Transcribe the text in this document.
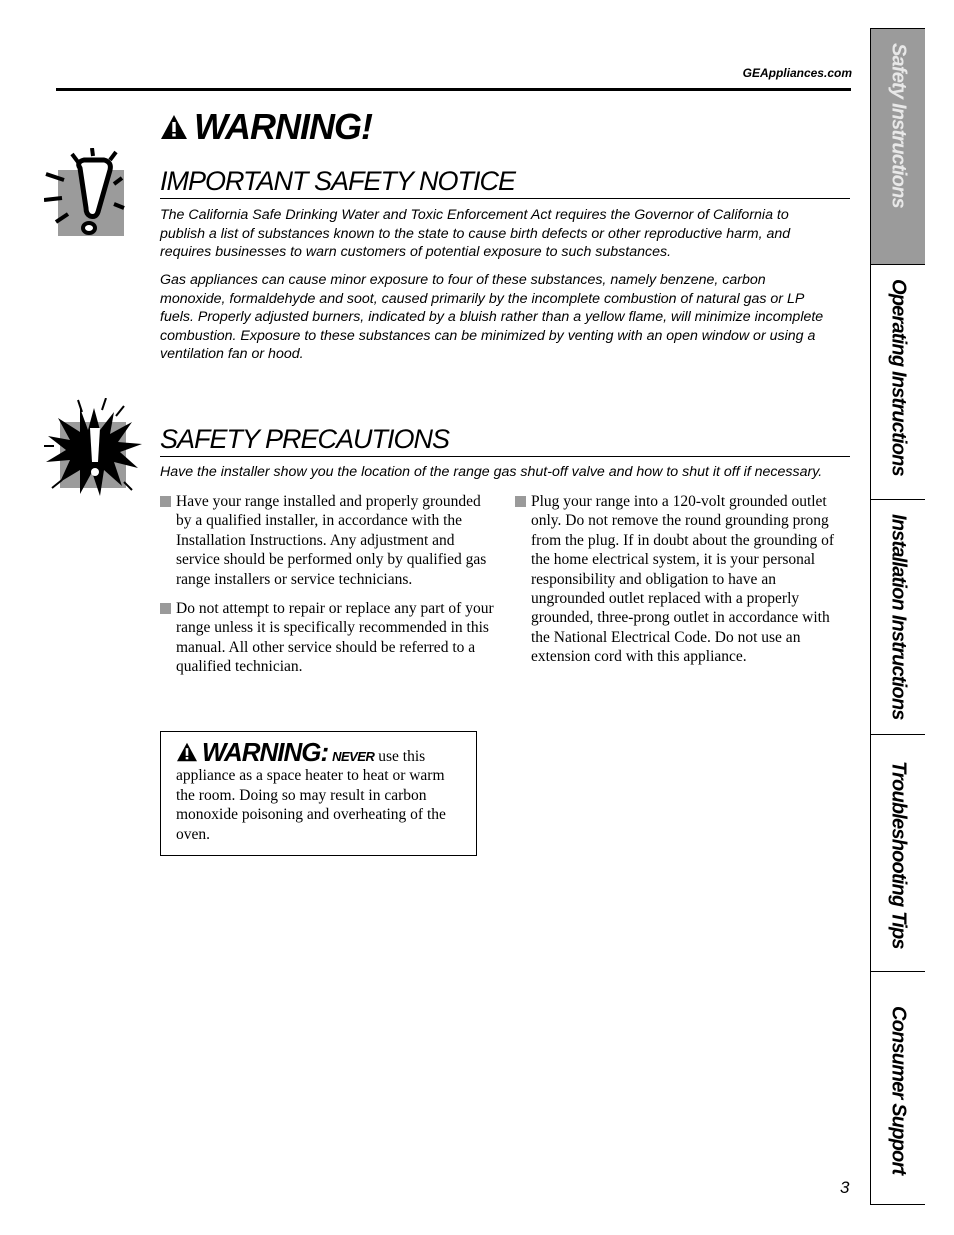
GEAppliances.com
WARNING!
IMPORTANT SAFETY NOTICE

The California Safe Drinking Water and Toxic Enforcement Act requires the Governor of California to publish a list of substances known to the state to cause birth defects or other reproductive harm, and requires businesses to warn customers of potential exposure to such substances.

Gas appliances can cause minor exposure to four of these substances, namely benzene, carbon monoxide, formaldehyde and soot, caused primarily by the incomplete combustion of natural gas or LP fuels. Properly adjusted burners, indicated by a bluish rather than a yellow flame, will minimize incomplete combustion. Exposure to these substances can be minimized by venting with an open window or using a ventilation fan or hood.

SAFETY PRECAUTIONS

Have the installer show you the location of the range gas shut-off valve and how to shut it off if necessary.

Have your range installed and properly grounded by a qualified installer, in accordance with the Installation Instructions. Any adjustment and service should be performed only by qualified gas range installers or service technicians.

Do not attempt to repair or replace any part of your range unless it is specifically recommended in this manual. All other service should be referred to a qualified technician.

Plug your range into a 120-volt grounded outlet only. Do not remove the round grounding prong from the plug. If in doubt about the grounding of the home electrical system, it is your personal responsibility and obligation to have an ungrounded outlet replaced with a properly grounded, three-prong outlet in accordance with the National Electrical Code. Do not use an extension cord with this appliance.

WARNING: NEVER use this appliance as a space heater to heat or warm the room. Doing so may result in carbon monoxide poisoning and overheating of the oven.
3
Safety Instructions
Operating Instructions
Installation Instructions
Troubleshooting Tips
Consumer Support
